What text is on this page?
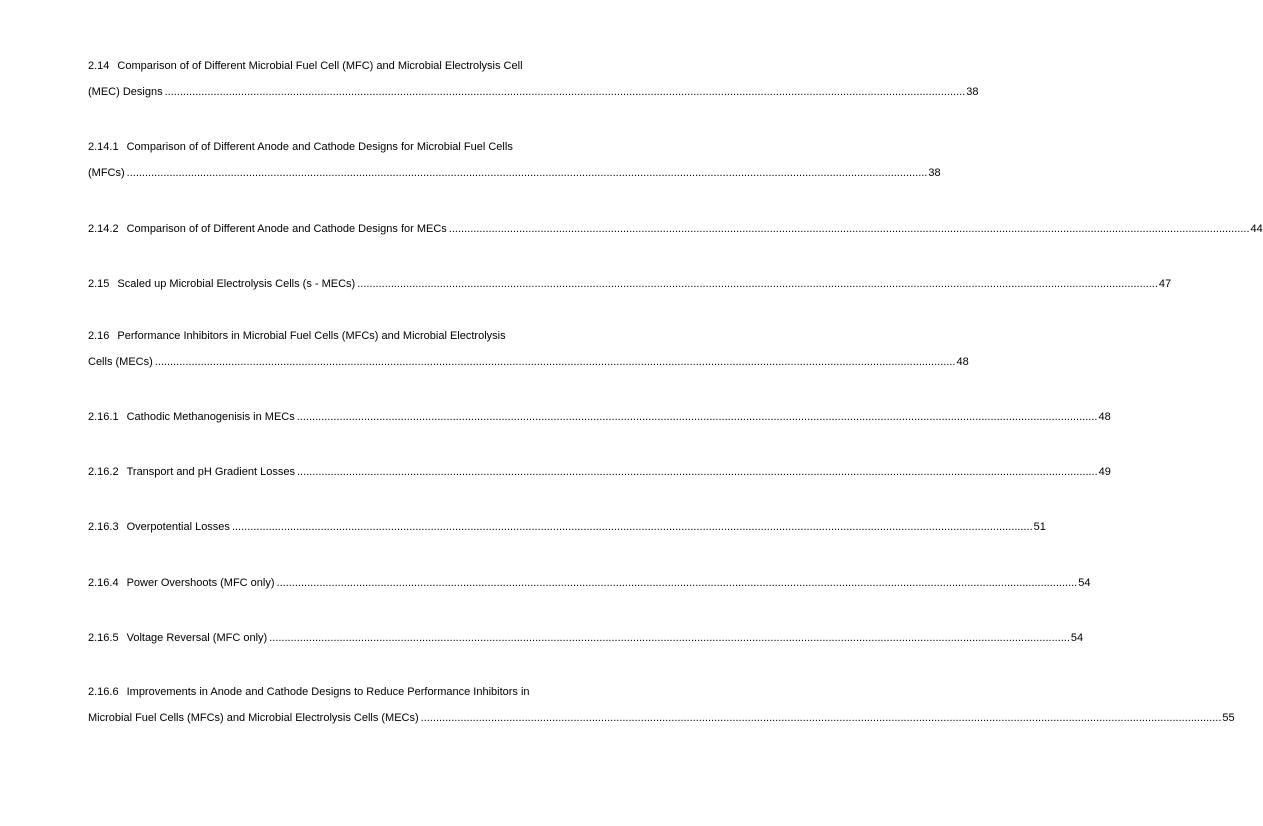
2.14 Comparison of of Different Microbial Fuel Cell (MFC) and Microbial Electrolysis Cell
(MEC) Designs .....	38
2.14.1 Comparison of of Different Anode and Cathode Designs for Microbial Fuel Cells
(MFCs) .....	38
2.14.2 Comparison of of Different Anode and Cathode Designs for MECs .....	44
2.15 Scaled up Microbial Electrolysis Cells (s - MECs) .....	47
2.16 Performance Inhibitors in Microbial Fuel Cells (MFCs) and Microbial Electrolysis
Cells (MECs) .....	48
2.16.1 Cathodic Methanogenisis in MECs .....	48
2.16.2 Transport and pH Gradient Losses .....	49
2.16.3 Overpotential Losses .....	51
2.16.4 Power Overshoots (MFC only) .....	54
2.16.5 Voltage Reversal (MFC only) .....	54
2.16.6 Improvements in Anode and Cathode Designs to Reduce Performance Inhibitors in
Microbial Fuel Cells (MFCs) and Microbial Electrolysis Cells (MECs) .....	55
